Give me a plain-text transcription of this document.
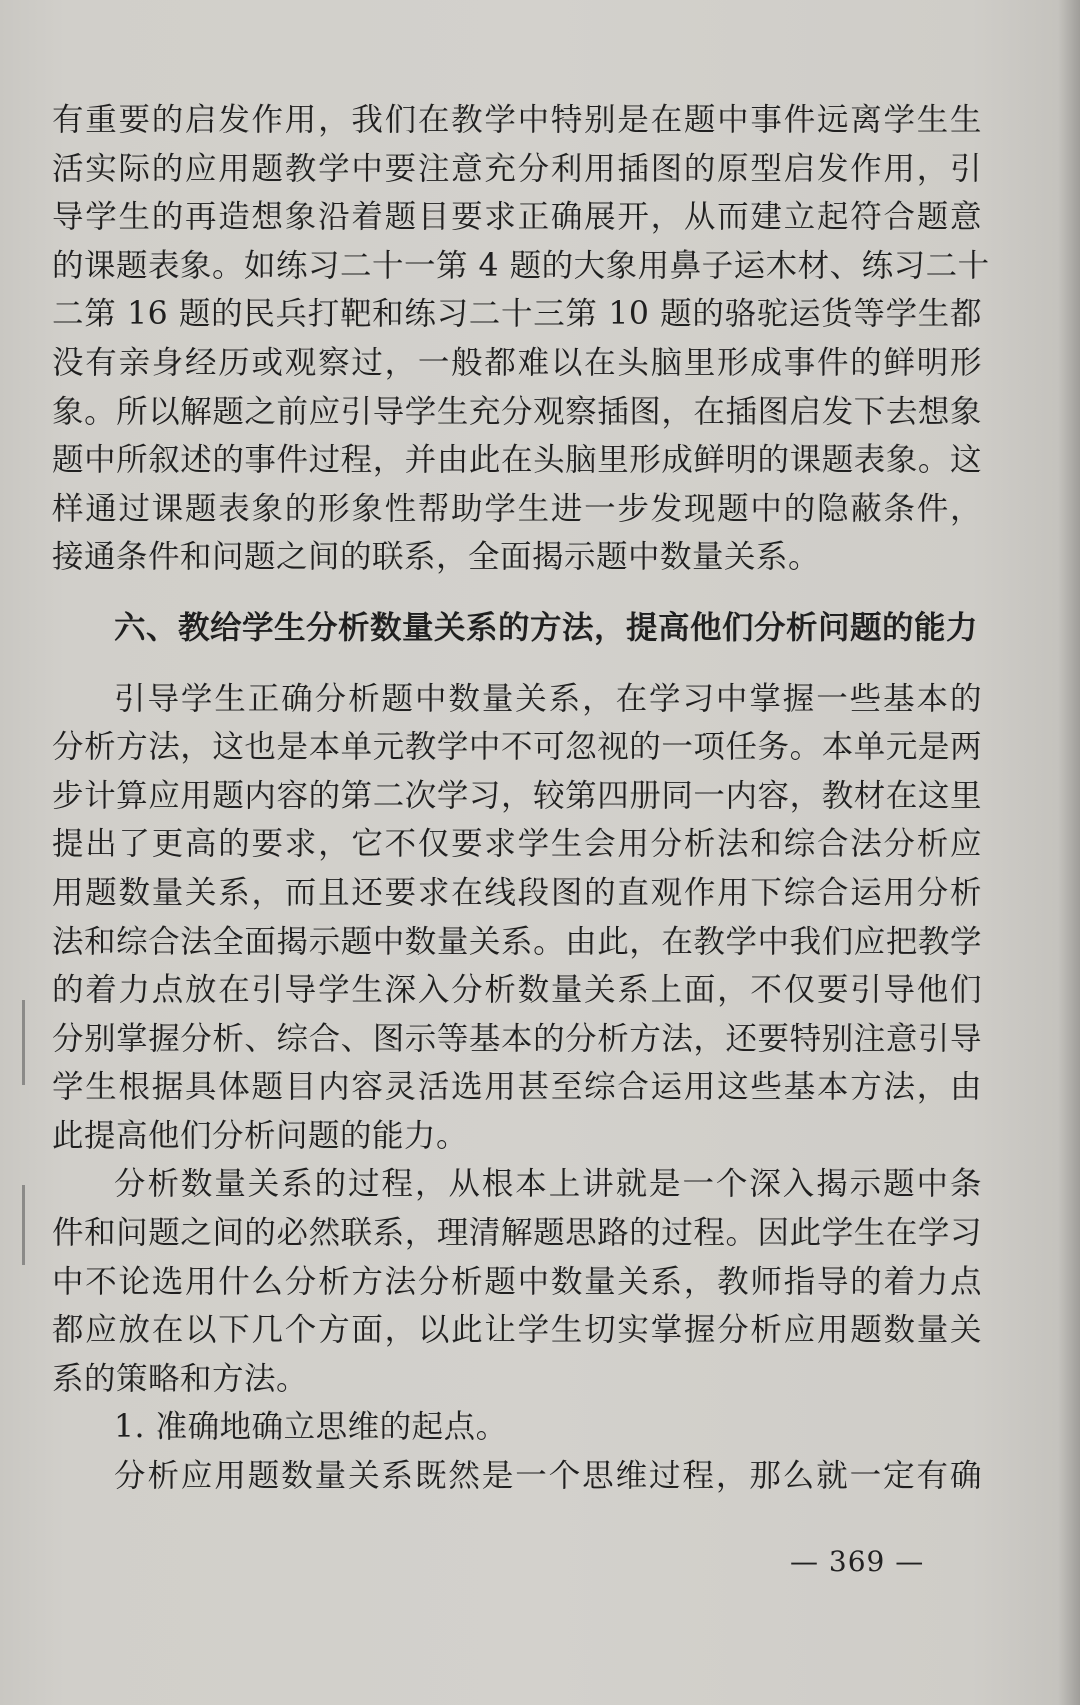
有重要的启发作用，我们在教学中特别是在题中事件远离学生生
活实际的应用题教学中要注意充分利用插图的原型启发作用，引
导学生的再造想象沿着题目要求正确展开，从而建立起符合题意
的课题表象。如练习二十一第 4 题的大象用鼻子运木材、练习二十
二第 16 题的民兵打靶和练习二十三第 10 题的骆驼运货等学生都
没有亲身经历或观察过，一般都难以在头脑里形成事件的鲜明形
象。所以解题之前应引导学生充分观察插图，在插图启发下去想象
题中所叙述的事件过程，并由此在头脑里形成鲜明的课题表象。这
样通过课题表象的形象性帮助学生进一步发现题中的隐蔽条件，
接通条件和问题之间的联系，全面揭示题中数量关系。
六、教给学生分析数量关系的方法，提高他们分析问题的能力
引导学生正确分析题中数量关系，在学习中掌握一些基本的
分析方法，这也是本单元教学中不可忽视的一项任务。本单元是两
步计算应用题内容的第二次学习，较第四册同一内容，教材在这里
提出了更高的要求，它不仅要求学生会用分析法和综合法分析应
用题数量关系，而且还要求在线段图的直观作用下综合运用分析
法和综合法全面揭示题中数量关系。由此，在教学中我们应把教学
的着力点放在引导学生深入分析数量关系上面，不仅要引导他们
分别掌握分析、综合、图示等基本的分析方法，还要特别注意引导
学生根据具体题目内容灵活选用甚至综合运用这些基本方法，由
此提高他们分析问题的能力。
分析数量关系的过程，从根本上讲就是一个深入揭示题中条
件和问题之间的必然联系，理清解题思路的过程。因此学生在学习
中不论选用什么分析方法分析题中数量关系，教师指导的着力点
都应放在以下几个方面，以此让学生切实掌握分析应用题数量关
系的策略和方法。
1. 准确地确立思维的起点。
分析应用题数量关系既然是一个思维过程，那么就一定有确
— 369 —
